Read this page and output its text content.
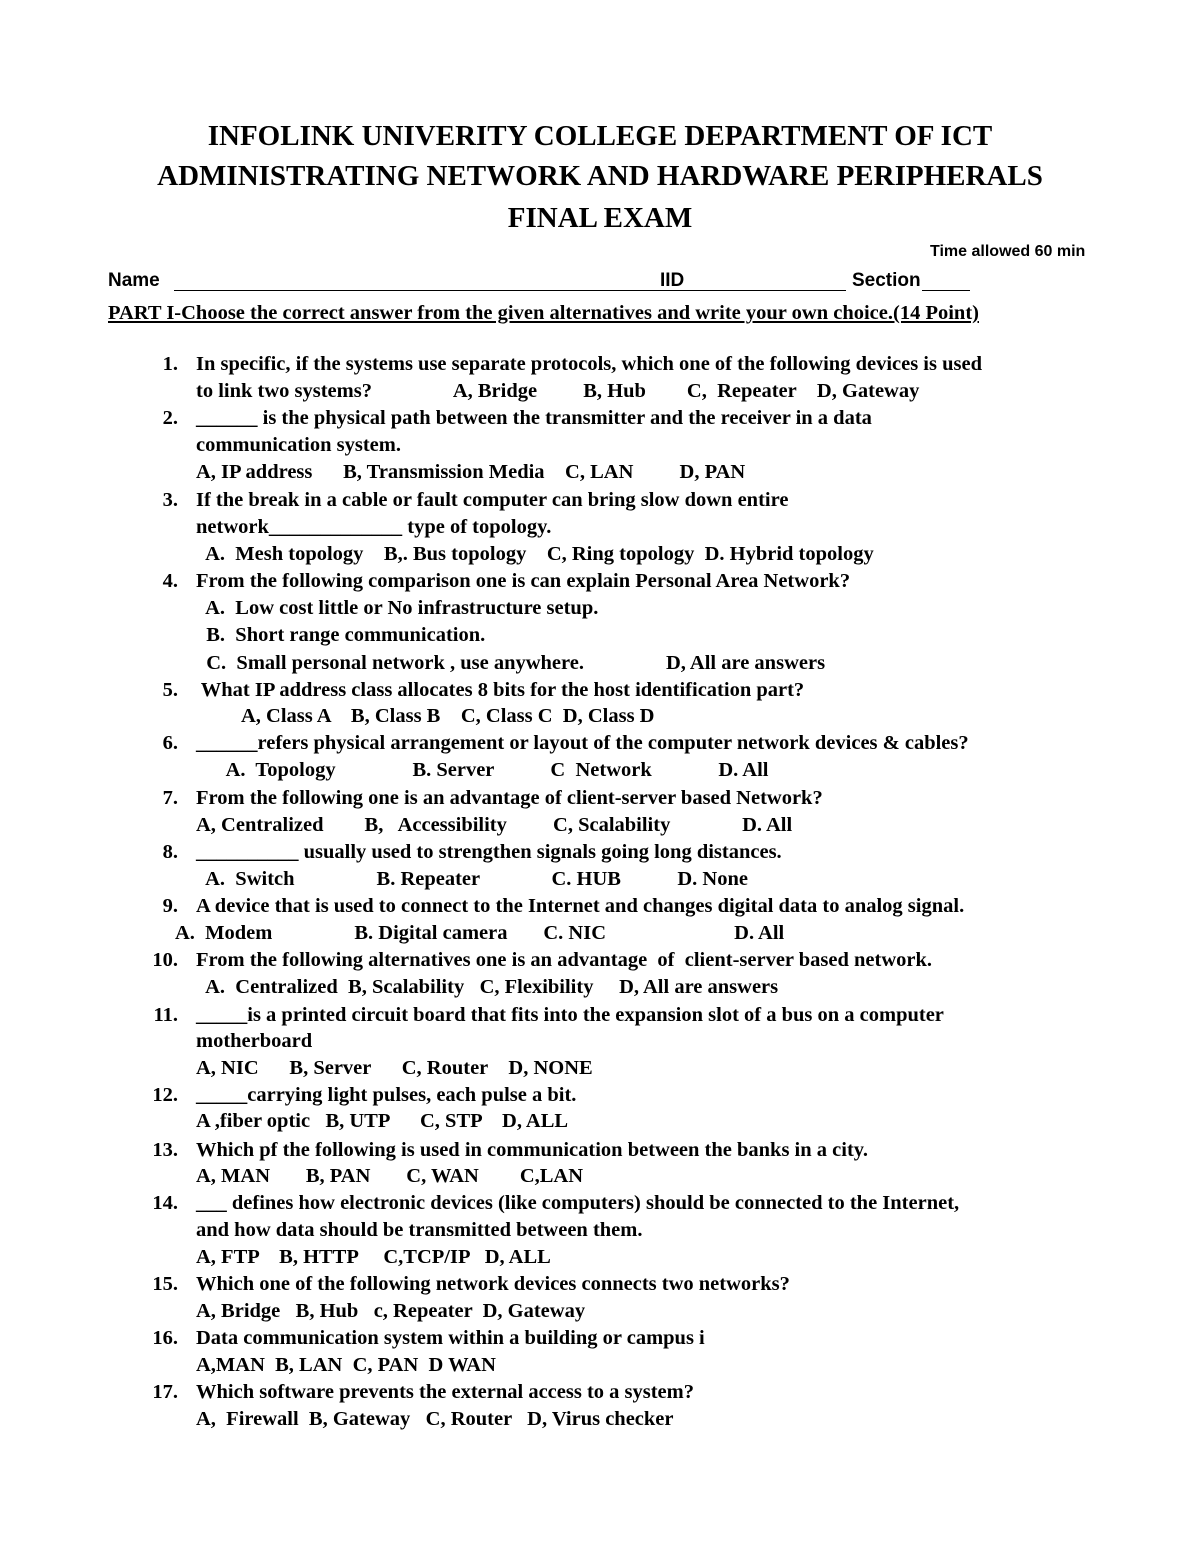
INFOLINK UNIVERITY COLLEGE DEPARTMENT OF ICT
ADMINISTRATING NETWORK AND HARDWARE PERIPHERALS
FINAL EXAM
Time allowed 60 min
Name	IID	Section
PART I-Choose the correct answer from the given alternatives and write your own choice.(14 Point)
1. In specific, if the systems use separate protocols, which one of the following devices is used
to link two systems?                A, Bridge         B, Hub        C,  Repeater    D, Gateway
2. ______ is the physical path between the transmitter and the receiver in a data
communication system.
A, IP address      B, Transmission Media    C, LAN         D, PAN
3. If the break in a cable or fault computer can bring slow down entire
network_____________ type of topology.
A.  Mesh topology    B,. Bus topology    C, Ring topology  D. Hybrid topology
4. From the following comparison one is can explain Personal Area Network?
A.  Low cost little or No infrastructure setup.
B.  Short range communication.
C.  Small personal network , use anywhere.                D, All are answers
5. What IP address class allocates 8 bits for the host identification part?
A, Class A    B, Class B    C, Class C  D, Class D
6. ______refers physical arrangement or layout of the computer network devices & cables?
A.  Topology               B. Server           C  Network             D. All
7. From the following one is an advantage of client-server based Network?
A, Centralized        B,   Accessibility         C, Scalability              D. All
8. __________ usually used to strengthen signals going long distances.
A.  Switch                B. Repeater              C. HUB           D. None
9. A device that is used to connect to the Internet and changes digital data to analog signal.
A.  Modem                B. Digital camera       C. NIC                         D. All
10. From the following alternatives one is an advantage  of  client-server based network.
A.  Centralized  B, Scalability   C, Flexibility     D, All are answers
11. _____is a printed circuit board that fits into the expansion slot of a bus on a computer
motherboard
A, NIC      B, Server      C, Router    D, NONE
12. _____carrying light pulses, each pulse a bit.
A ,fiber optic   B, UTP      C, STP    D, ALL
13. Which pf the following is used in communication between the banks in a city.
A, MAN       B, PAN       C, WAN        C,LAN
14. ___ defines how electronic devices (like computers) should be connected to the Internet,
and how data should be transmitted between them.
A, FTP    B, HTTP     C,TCP/IP   D, ALL
15. Which one of the following network devices connects two networks?
A, Bridge   B, Hub   c, Repeater  D, Gateway
16. Data communication system within a building or campus i
A,MAN  B, LAN  C, PAN  D WAN
17. Which software prevents the external access to a system?
A,  Firewall  B, Gateway   C, Router   D, Virus checker
